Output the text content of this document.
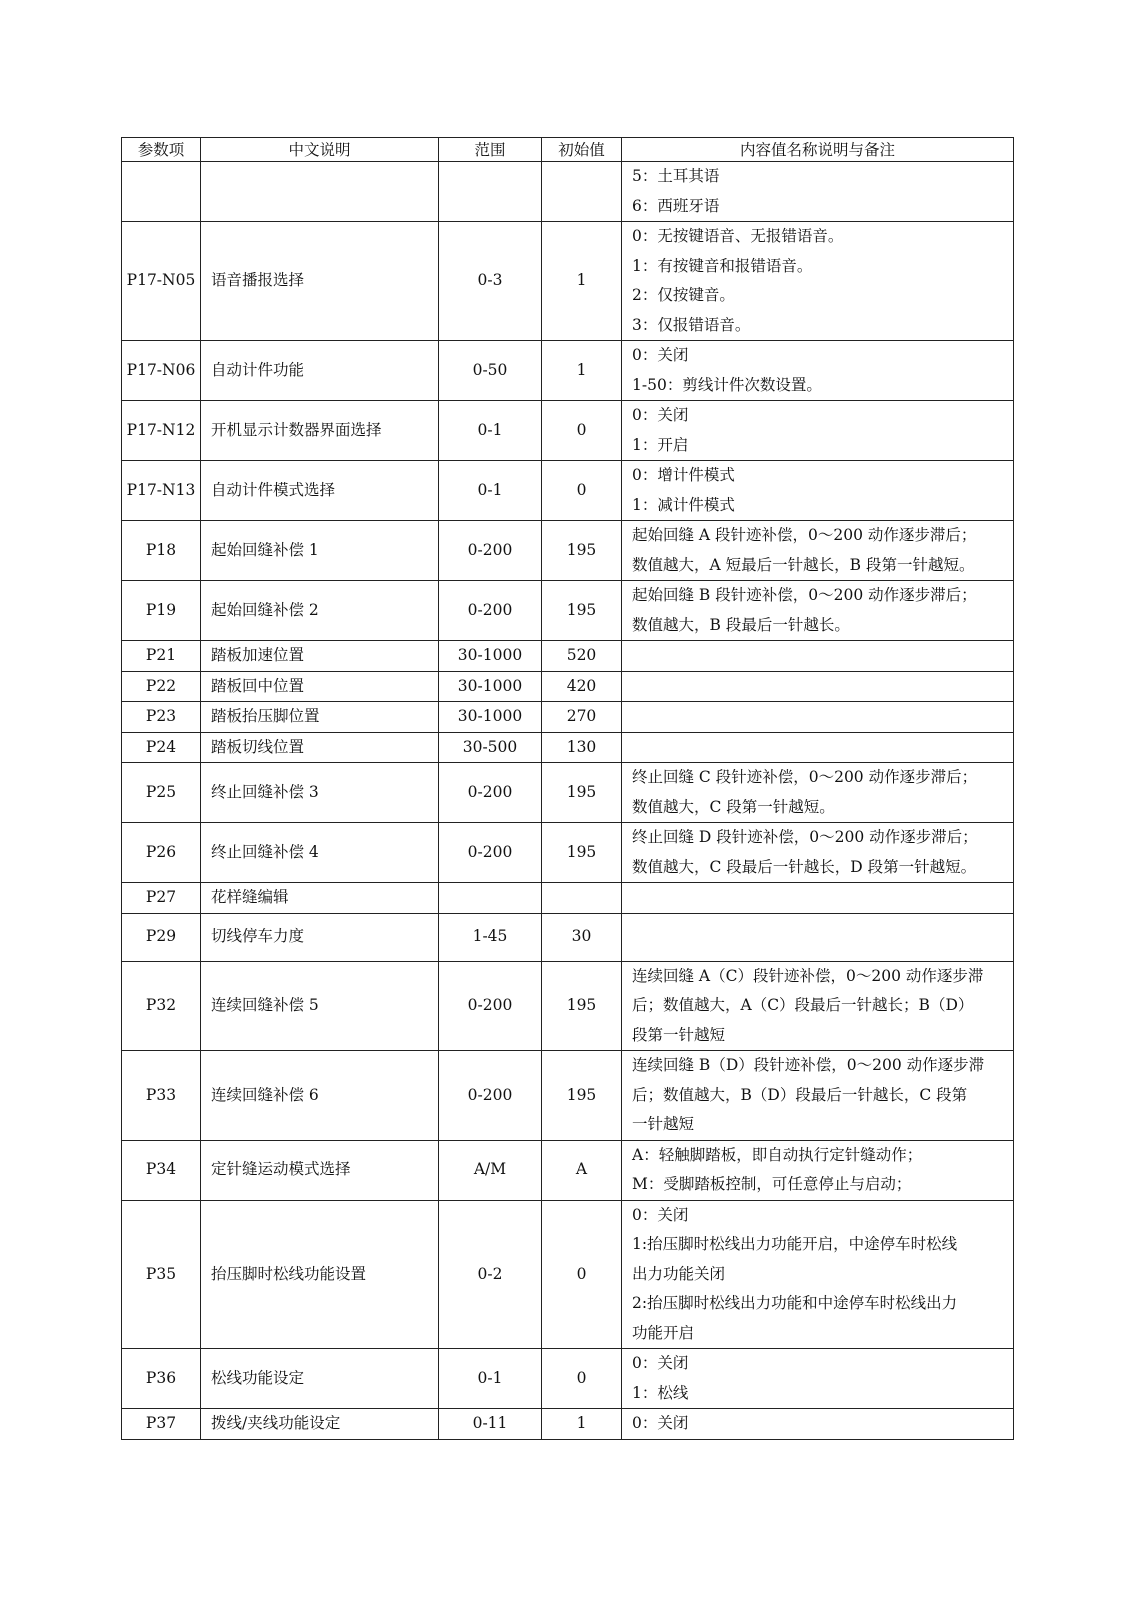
参数项	中文说明	范围	初始值	内容值名称说明与备注

				5：土耳其语
6：西班牙语

P17-N05	语音播报选择	0-3	1	0：无按键语音、无报错语音。
1：有按键音和报错语音。
2：仅按键音。
3：仅报错语音。

P17-N06	自动计件功能	0-50	1	0：关闭
1-50：剪线计件次数设置。

P17-N12	开机显示计数器界面选择	0-1	0	0：关闭
1：开启

P17-N13	自动计件模式选择	0-1	0	0：增计件模式
1：减计件模式

P18	起始回缝补偿 1	0-200	195	起始回缝 A 段针迹补偿，0～200 动作逐步滞后；
数值越大，A 短最后一针越长，B 段第一针越短。

P19	起始回缝补偿 2	0-200	195	起始回缝 B 段针迹补偿，0～200 动作逐步滞后；
数值越大，B 段最后一针越长。

P21	踏板加速位置	30-1000	520	
P22	踏板回中位置	30-1000	420	
P23	踏板抬压脚位置	30-1000	270	
P24	踏板切线位置	30-500	130	
P25	终止回缝补偿 3	0-200	195	终止回缝 C 段针迹补偿，0～200 动作逐步滞后；
数值越大，C 段第一针越短。

P26	终止回缝补偿 4	0-200	195	终止回缝 D 段针迹补偿，0～200 动作逐步滞后；
数值越大，C 段最后一针越长，D 段第一针越短。

P27	花样缝编辑			
P29	切线停车力度	1-45	30	
P32	连续回缝补偿 5	0-200	195	连续回缝 A（C）段针迹补偿，0～200 动作逐步滞
后；数值越大，A（C）段最后一针越长；B（D）
段第一针越短

P33	连续回缝补偿 6	0-200	195	连续回缝 B（D）段针迹补偿，0～200 动作逐步滞
后；数值越大，B（D）段最后一针越长，C 段第
一针越短

P34	定针缝运动模式选择	A/M	A	A：轻触脚踏板，即自动执行定针缝动作；
M：受脚踏板控制，可任意停止与启动；

P35	抬压脚时松线功能设置	0-2	0	0：关闭
1:抬压脚时松线出力功能开启，中途停车时松线
出力功能关闭
2:抬压脚时松线出力功能和中途停车时松线出力
功能开启

P36	松线功能设定	0-1	0	0：关闭
1：松线

P37	拨线/夹线功能设定	0-11	1	0：关闭
